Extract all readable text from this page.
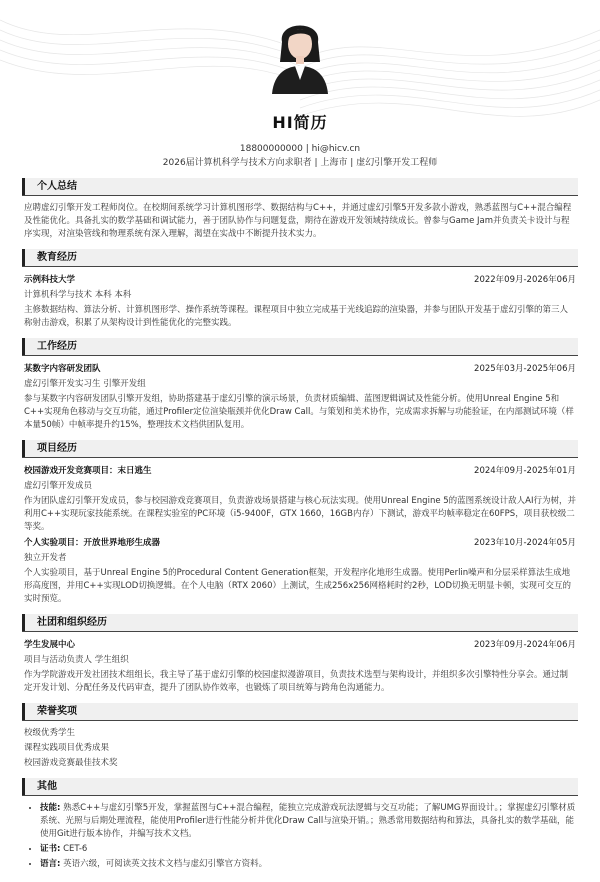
HI简历
18800000000 | hi@hicv.cn
2026届计算机科学与技术方向求职者 | 上海市 | 虚幻引擎开发工程师
个人总结

应聘虚幻引擎开发工程师岗位。在校期间系统学习计算机图形学、数据结构与C++，并通过虚幻引擎5开发多款小游戏，熟悉蓝图与C++混合编程及性能优化。具备扎实的数学基础和调试能力，善于团队协作与问题复盘，期待在游戏开发领域持续成长。曾参与Game Jam并负责关卡设计与程序实现，对渲染管线和物理系统有深入理解，渴望在实战中不断提升技术实力。

教育经历
示例科技大学	2022年09月-2026年06月
计算机科学与技术 本科 本科

主修数据结构、算法分析、计算机图形学、操作系统等课程。课程项目中独立完成基于光线追踪的渲染器，并参与团队开发基于虚幻引擎的第三人称射击游戏，积累了从架构设计到性能优化的完整实践。

工作经历
某数字内容研发团队	2025年03月-2025年06月
虚幻引擎开发实习生 引擎开发组

参与某数字内容研发团队引擎开发组，协助搭建基于虚幻引擎的演示场景，负责材质编辑、蓝图逻辑调试及性能分析。使用Unreal Engine 5和C++实现角色移动与交互功能，通过Profiler定位渲染瓶颈并优化Draw Call。与策划和美术协作，完成需求拆解与功能验证，在内部测试环境（样本量50帧）中帧率提升约15%，整理技术文档供团队复用。

项目经历
校园游戏开发竞赛项目：末日逃生	2024年09月-2025年01月
虚幻引擎开发成员

作为团队虚幻引擎开发成员，参与校园游戏竞赛项目，负责游戏场景搭建与核心玩法实现。使用Unreal Engine 5的蓝图系统设计敌人AI行为树，并利用C++实现玩家技能系统。在课程实验室的PC环境（i5-9400F，GTX 1660，16GB内存）下测试，游戏平均帧率稳定在60FPS，项目获校级二等奖。

个人实验项目：开放世界地形生成器	2023年10月-2024年05月
独立开发者

个人实验项目，基于Unreal Engine 5的Procedural Content Generation框架，开发程序化地形生成器。使用Perlin噪声和分层采样算法生成地形高度图，并用C++实现LOD切换逻辑。在个人电脑（RTX 2060）上测试，生成256x256网格耗时约2秒，LOD切换无明显卡顿，实现可交互的实时预览。

社团和组织经历
学生发展中心	2023年09月-2024年06月
项目与活动负责人 学生组织

作为学院游戏开发社团技术组组长，我主导了基于虚幻引擎的校园虚拟漫游项目，负责技术选型与架构设计，并组织多次引擎特性分享会。通过制定开发计划、分配任务及代码审查，提升了团队协作效率，也锻炼了项目统筹与跨角色沟通能力。

荣誉奖项
校级优秀学生
课程实践项目优秀成果
校园游戏竞赛最佳技术奖
其他
• 技能: 熟悉C++与虚幻引擎5开发，掌握蓝图与C++混合编程，能独立完成游戏玩法逻辑与交互功能；了解UMG界面设计。；掌握虚幻引擎材质系统、光照与后期处理流程，能使用Profiler进行性能分析并优化Draw Call与渲染开销。；熟悉常用数据结构和算法，具备扎实的数学基础，能使用Git进行版本协作，并编写技术文档。
• 证书: CET-6
• 语言: 英语六级，可阅读英文技术文档与虚幻引擎官方资料。
